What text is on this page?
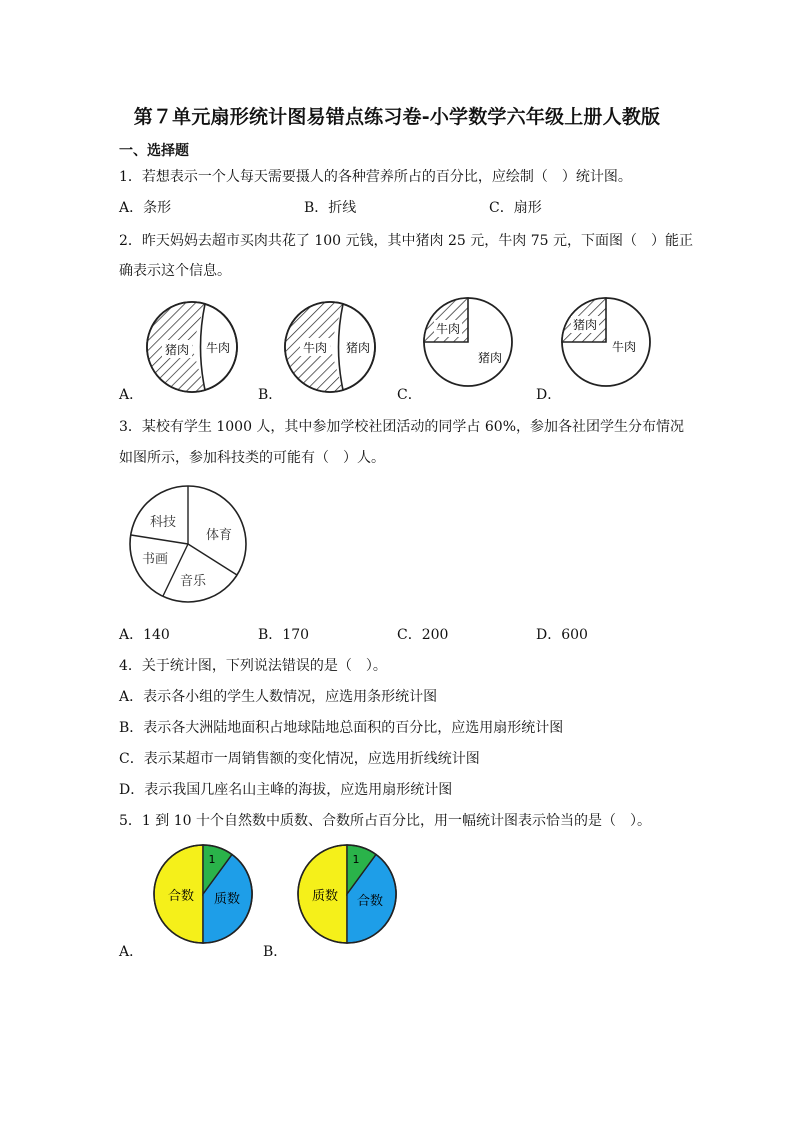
第７单元扇形统计图易错点练习卷-小学数学六年级上册人教版
一、选择题
1．若想表示一个人每天需要摄人的各种营养所占的百分比，应绘制（　）统计图。
A．条形	B．折线	C．扇形
2．昨天妈妈去超市买肉共花了 100 元钱，其中猪肉 25 元，牛肉 75 元，下面图（　）能正
确表示这个信息。
猪肉 牛肉	牛肉 猪肉
牛肉
猪肉
猪肉
牛肉
A．	B．	C．	D．
3．某校有学生 1000 人，其中参加学校社团活动的同学占 60%，参加各社团学生分布情况
如图所示，参加科技类的可能有（　）人。
科技
体育
书画
音乐
A．140	B．170	C．200	D．600
4．关于统计图，下列说法错误的是（　）。
A．表示各小组的学生人数情况，应选用条形统计图
B．表示各大洲陆地面积占地球陆地总面积的百分比，应选用扇形统计图
C．表示某超市一周销售额的变化情况，应选用折线统计图
D．表示我国几座名山主峰的海拔，应选用扇形统计图
5．1 到 10 十个自然数中质数、合数所占百分比，用一幅统计图表示恰当的是（　）。
1
合数 质数
1
质数 合数
A．	B．
